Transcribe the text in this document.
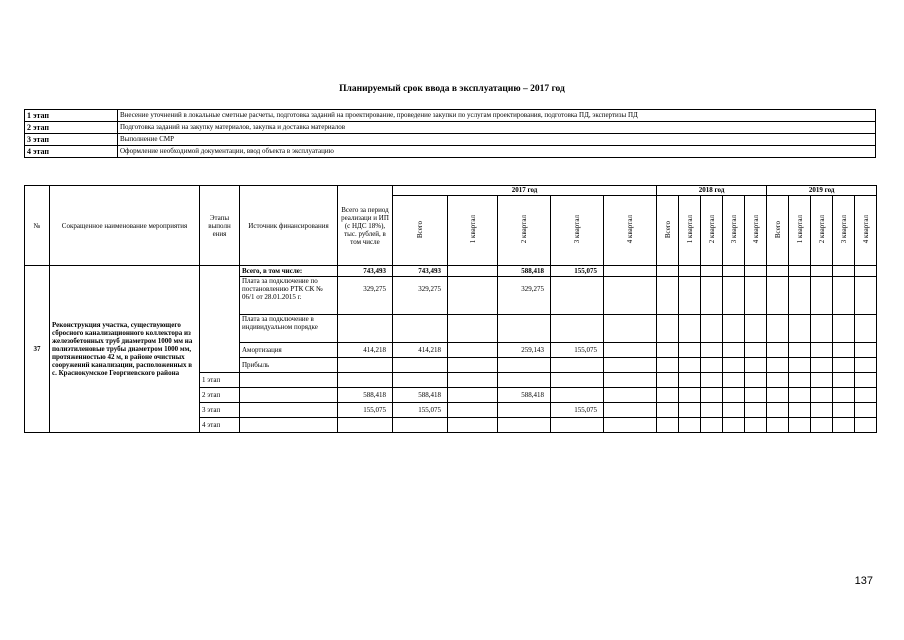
Планируемый срок ввода в эксплуатацию – 2017 год
1 этап	Внесение уточнений в локальные сметные расчеты, подготовка заданий на проектирование, проведение закупки по услугам проектирования, подготовка ПД, экспертизы ПД
2 этап	Подготовка заданий на закупку материалов, закупка и доставка материалов
3 этап	Выполнение СМР
4 этап	Оформление необходимой документации, ввод объекта в эксплуатацию
№	Сокращенное наименование мероприятия	Этапы выполн ения	Источник финансирования	Всего за период реализаци и ИП (с НДС 18%), тыс. рублей, в том числе	2017 год					2018 год					2019 год				
					Всего	1 квартал	2 квартал	3 квартал	4 квартал	Всего	1 квартал	2 квартал	3 квартал	4 квартал	Всего	1 квартал	2 квартал	3 квартал	4 квартал
37	Реконструкция участка, существующего сбросного канализационного коллектора из железобетонных труб диаметром 1000 мм на полиэтиленовые трубы диаметром 1000 мм, протяженностью 42 м, в районе очистных сооружений канализации, расположенных в с. Краснокумское Георгиевского района		Всего, в том числе:	743,493	743,493		588,418	155,075											
			Плата за подключение по постановлению РТК СК № 06/1 от 28.01.2015 г.	329,275	329,275		329,275												
			Плата за подключение в индивидуальном порядке																
			Амортизация	414,218	414,218		259,143	155,075											
			Прибыль																
		1 этап																	
		2 этап		588,418	588,418		588,418												
		3 этап		155,075	155,075			155,075											
		4 этап																	
137
